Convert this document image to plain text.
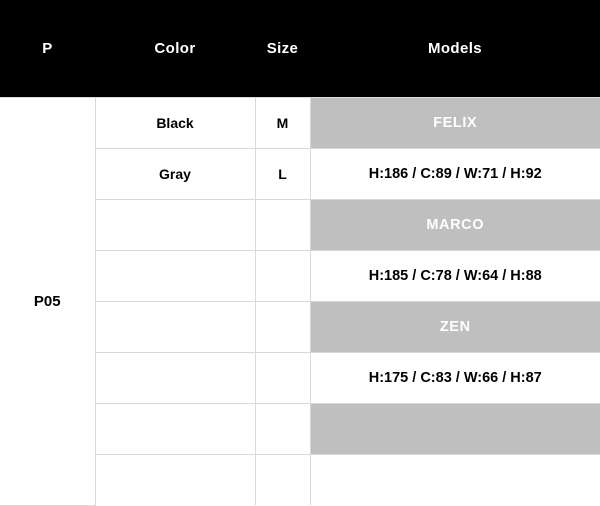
P	Color	Size	Models
P05	Black	M	FELIX
	Gray	L	H:186 / C:89 / W:71 / H:92
			MARCO
			H:185 / C:78 / W:64 / H:88
			ZEN
			H:175 / C:83 / W:66 / H:87
